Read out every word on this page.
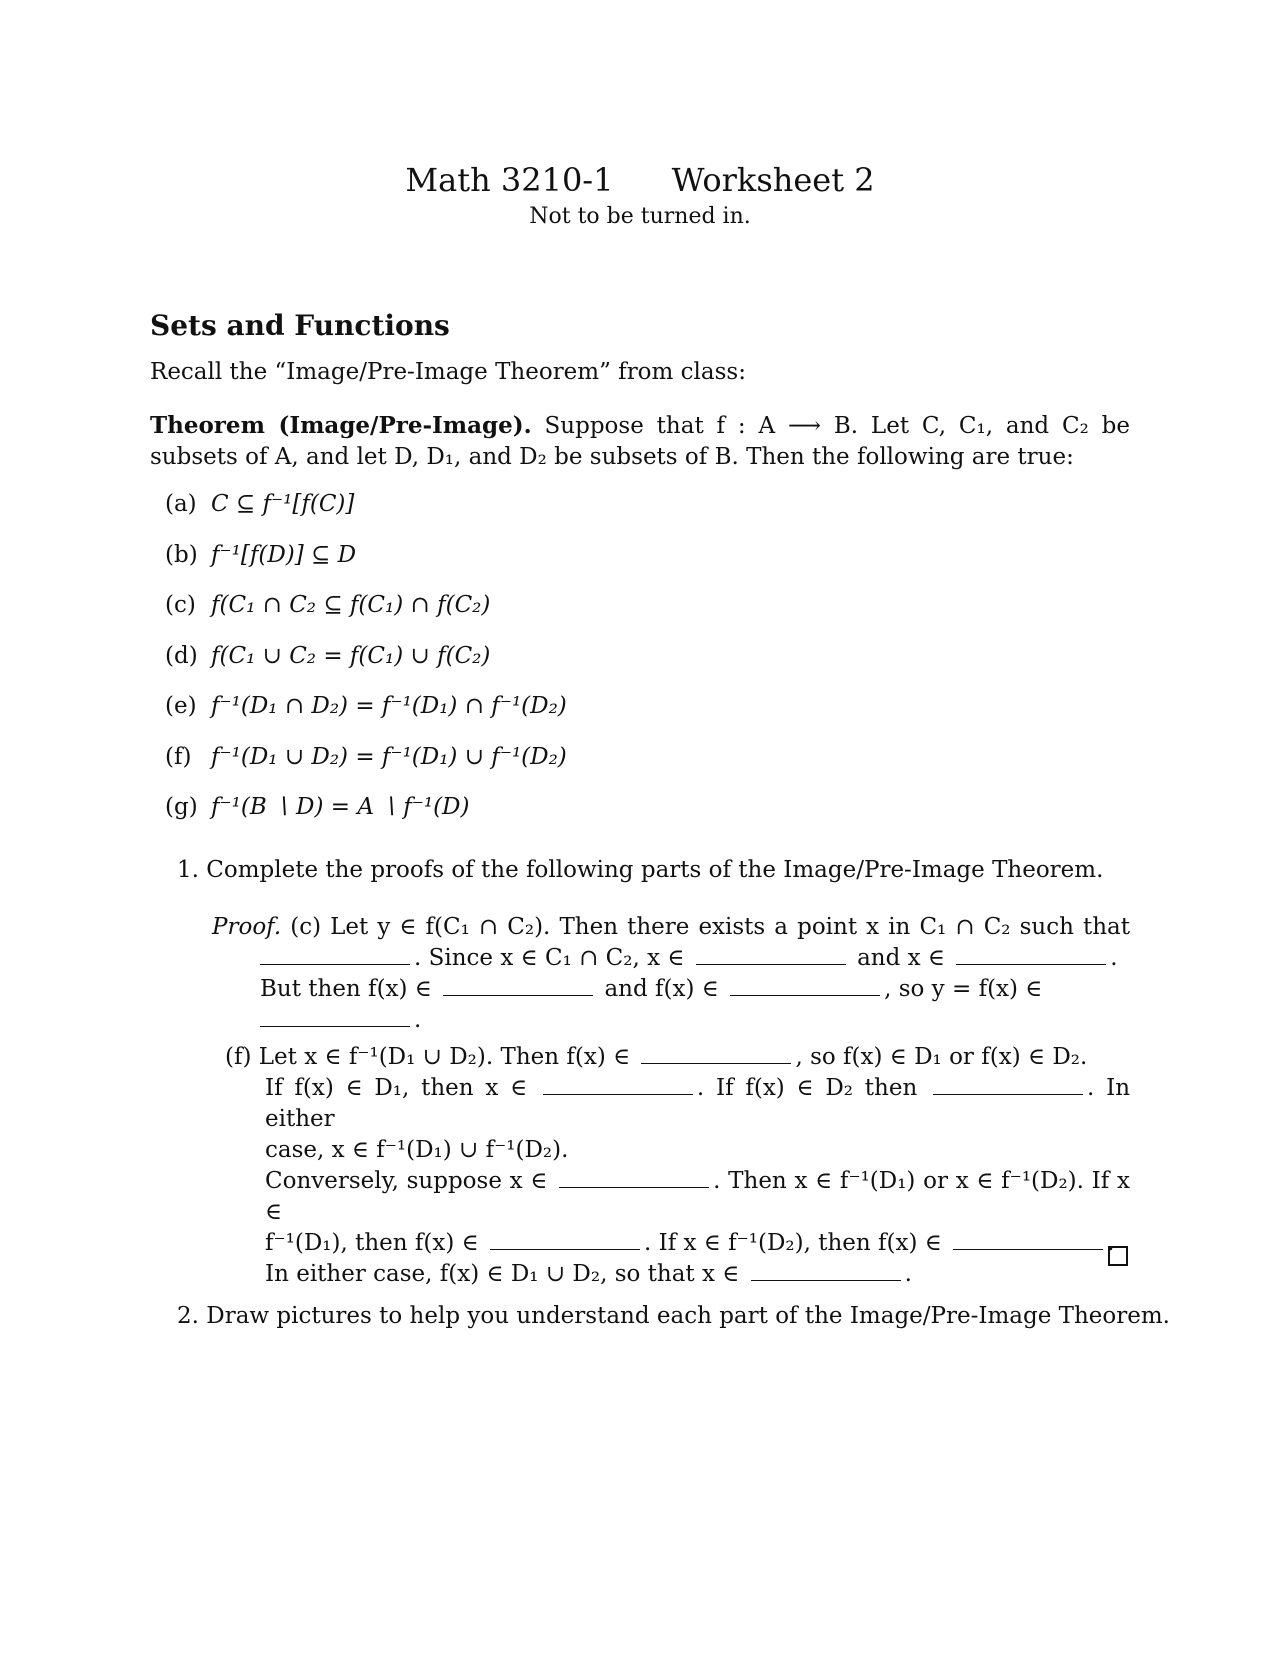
Math 3210-1 Worksheet 2
Not to be turned in.
Sets and Functions
Recall the “Image/Pre-Image Theorem” from class:
Theorem (Image/Pre-Image). Suppose that f : A ⟶ B. Let C, C₁, and C₂ be subsets of A, and let D, D₁, and D₂ be subsets of B. Then the following are true:
(a) C ⊆ f⁻¹[f(C)]
(b) f⁻¹[f(D)] ⊆ D
(c) f(C₁ ∩ C₂ ⊆ f(C₁) ∩ f(C₂)
(d) f(C₁ ∪ C₂ = f(C₁) ∪ f(C₂)
(e) f⁻¹(D₁ ∩ D₂) = f⁻¹(D₁) ∩ f⁻¹(D₂)
(f) f⁻¹(D₁ ∪ D₂) = f⁻¹(D₁) ∪ f⁻¹(D₂)
(g) f⁻¹(B ∖ D) = A ∖ f⁻¹(D)
1. Complete the proofs of the following parts of the Image/Pre-Image Theorem.
Proof. (c) Let y ∈ f(C₁ ∩ C₂). Then there exists a point x in C₁ ∩ C₂ such that . Since x ∈ C₁ ∩ C₂, x ∈	and x ∈	.
But then f(x) ∈	and f(x) ∈	, so y = f(x) ∈
.
(f) Let x ∈ f⁻¹(D₁ ∪ D₂). Then f(x) ∈	, so f(x) ∈ D₁ or f(x) ∈ D₂.
If f(x) ∈ D₁, then x ∈	. If f(x) ∈ D₂ then	. In either
case, x ∈ f⁻¹(D₁) ∪ f⁻¹(D₂).
Conversely, suppose x ∈	. Then x ∈ f⁻¹(D₁) or x ∈ f⁻¹(D₂). If x ∈
f⁻¹(D₁), then f(x) ∈	. If x ∈ f⁻¹(D₂), then f(x) ∈	.
In either case, f(x) ∈ D₁ ∪ D₂, so that x ∈	.
2. Draw pictures to help you understand each part of the Image/Pre-Image Theorem.
